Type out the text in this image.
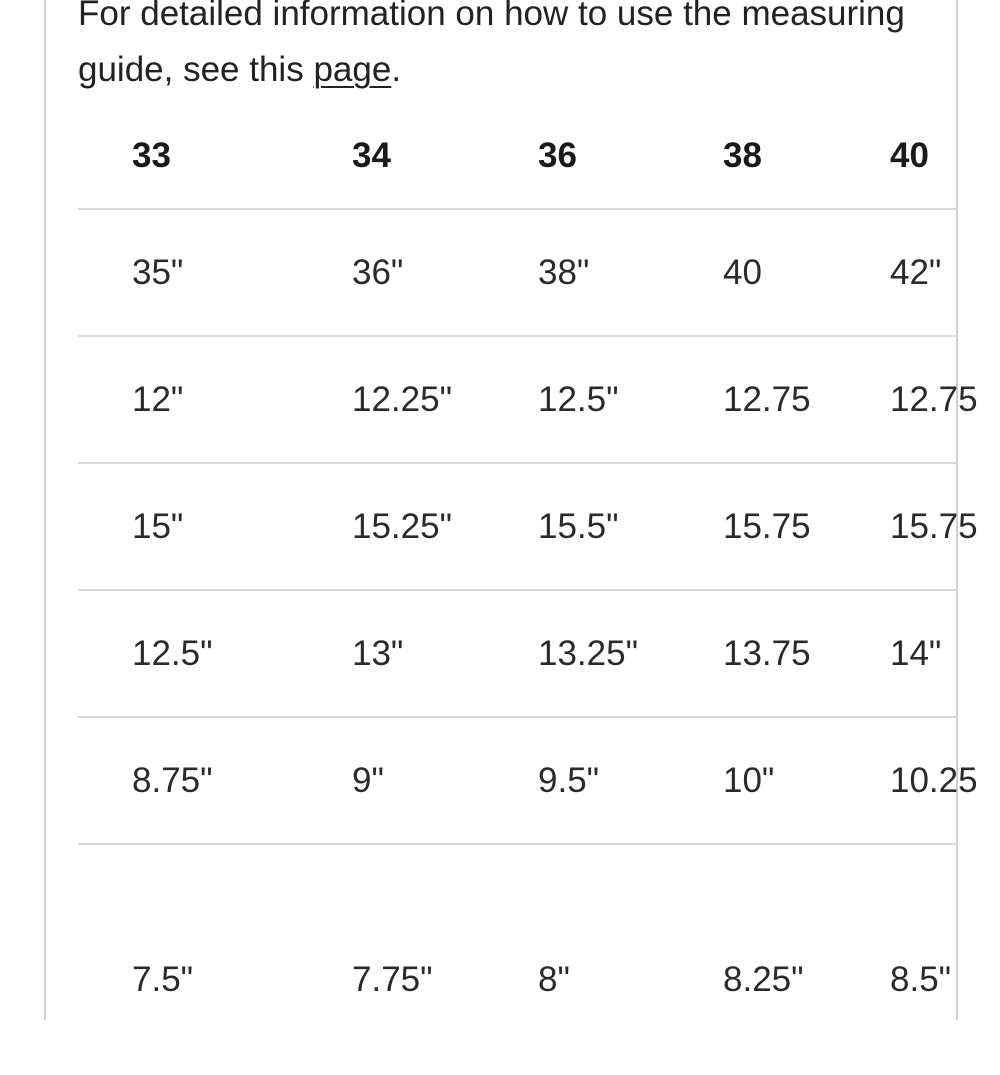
For detailed information on how to use the measuring guide, see this page.

33	34	36	38	40

35"	36"	38"	40	42"

12"	12.25"	12.5"	12.75	12.75

15"	15.25"	15.5"	15.75	15.75

12.5"	13"	13.25"	13.75	14"

8.75"	9"	9.5"	10"	10.25

7.5"	7.75"	8"	8.25"	8.5"
